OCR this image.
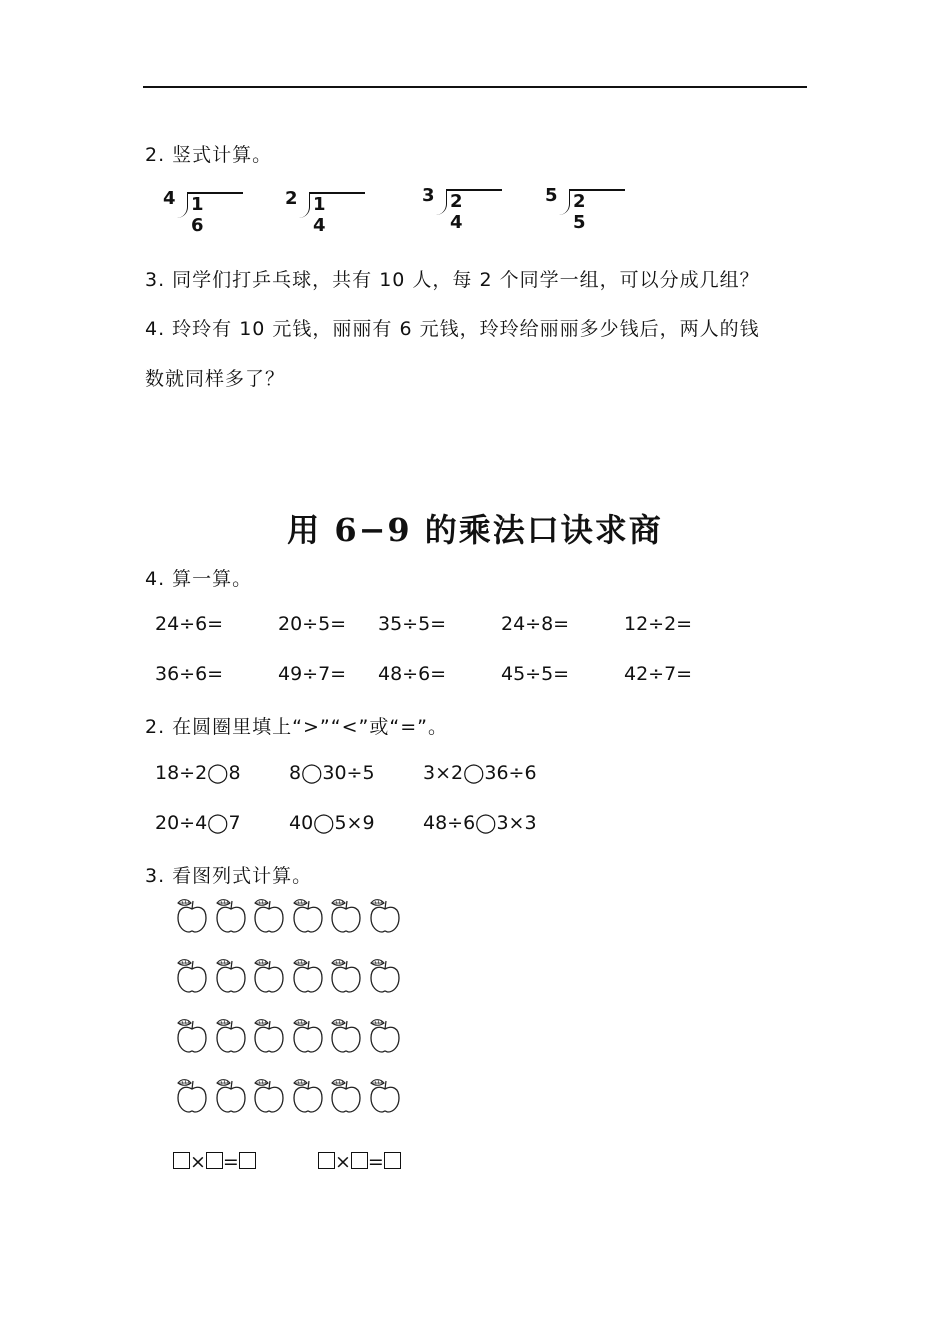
2. 竖式计算。
4 1 6
2 1 4
3 2 4
5 2 5
3. 同学们打乒乓球，共有 10 人，每 2 个同学一组，可以分成几组？
4. 玲玲有 10 元钱，丽丽有 6 元钱，玲玲给丽丽多少钱后，两人的钱
数就同样多了？
用 6−9 的乘法口诀求商
4. 算一算。
24÷6=	20÷5= 35÷5=	24÷8=	12÷2=
36÷6=	49÷7= 48÷6=	45÷5=	42÷7=
2. 在圆圈里填上“>”“<”或“=”。
18÷2◯8	8◯30÷5	3×2◯36÷6
20÷4◯7	40◯5×9	48÷6◯3×3
3. 看图列式计算。
× =	× =
